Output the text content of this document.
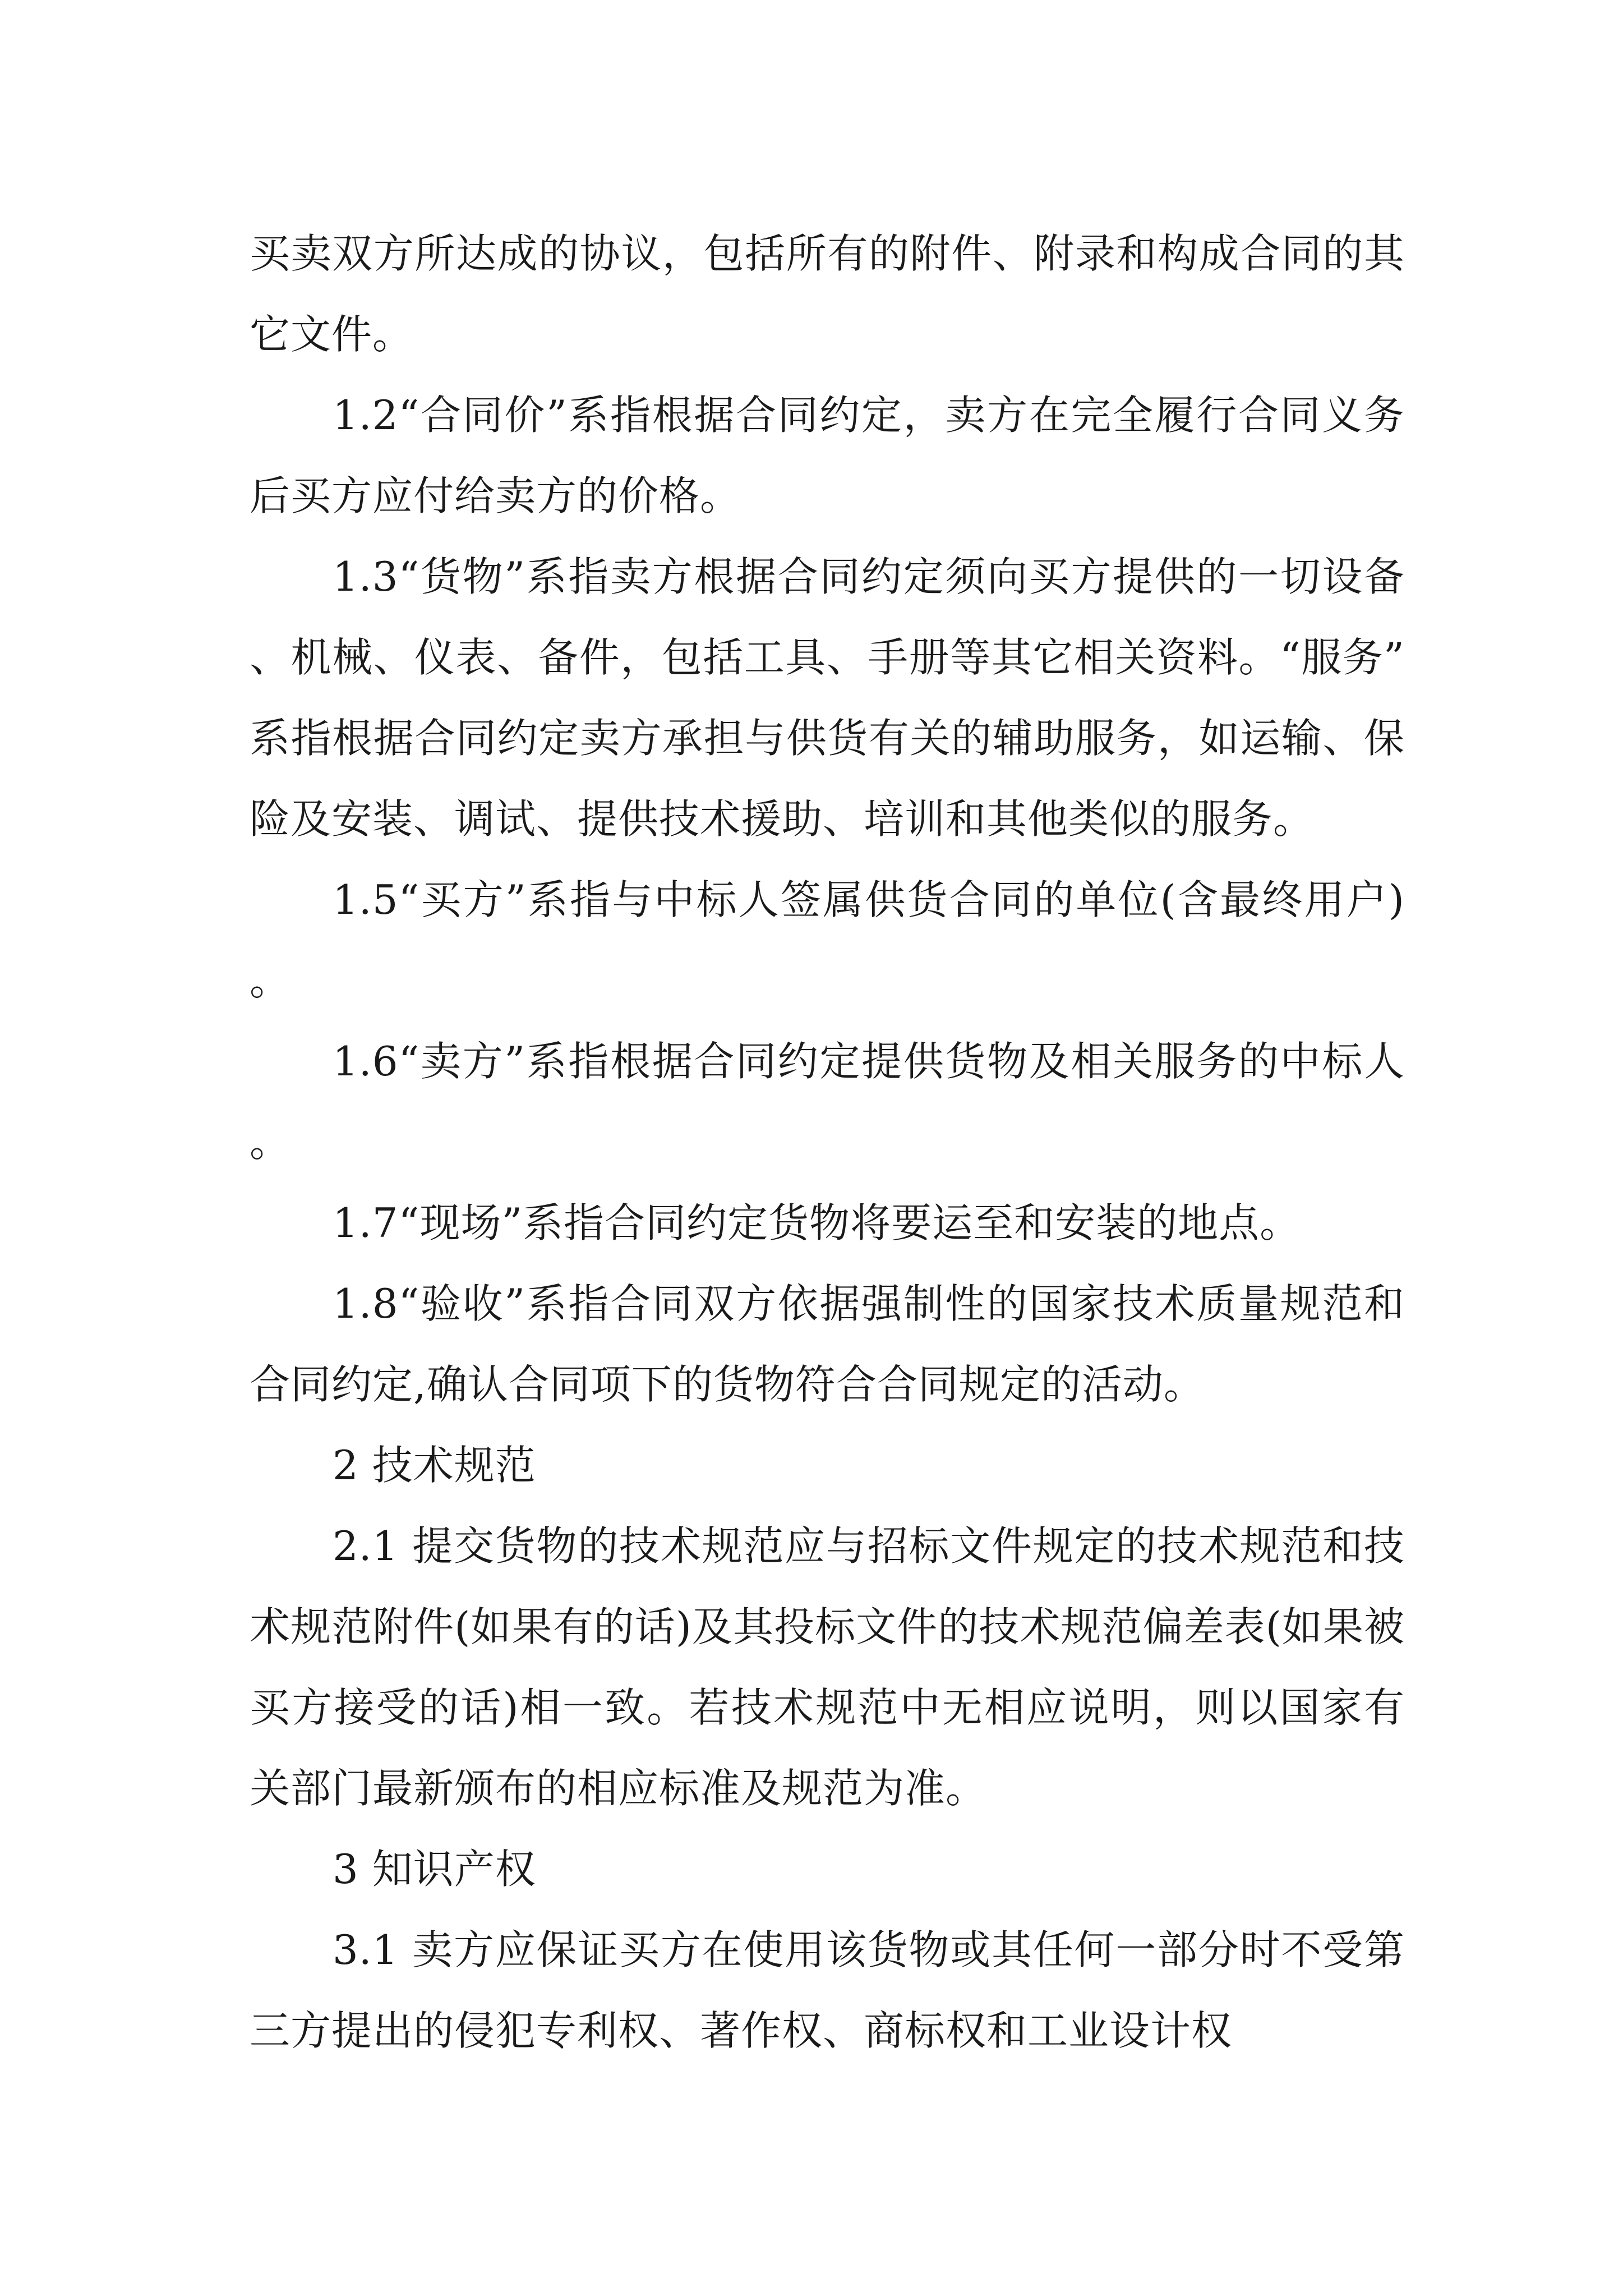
买卖双方所达成的协议，包括所有的附件、附录和构成合同的其它文件。

1.2“合同价”系指根据合同约定，卖方在完全履行合同义务后买方应付给卖方的价格。

1.3“货物”系指卖方根据合同约定须向买方提供的一切设备、机械、仪表、备件，包括工具、手册等其它相关资料。“服务”系指根据合同约定卖方承担与供货有关的辅助服务，如运输、保险及安装、调试、提供技术援助、培训和其他类似的服务。

1.5“买方”系指与中标人签属供货合同的单位(含最终用户)。

1.6“卖方”系指根据合同约定提供货物及相关服务的中标人。

1.7“现场”系指合同约定货物将要运至和安装的地点。

1.8“验收”系指合同双方依据强制性的国家技术质量规范和合同约定,确认合同项下的货物符合合同规定的活动。

2 技术规范

2.1 提交货物的技术规范应与招标文件规定的技术规范和技术规范附件(如果有的话)及其投标文件的技术规范偏差表(如果被买方接受的话)相一致。若技术规范中无相应说明，则以国家有关部门最新颁布的相应标准及规范为准。

3 知识产权

3.1 卖方应保证买方在使用该货物或其任何一部分时不受第三方提出的侵犯专利权、著作权、商标权和工业设计权
